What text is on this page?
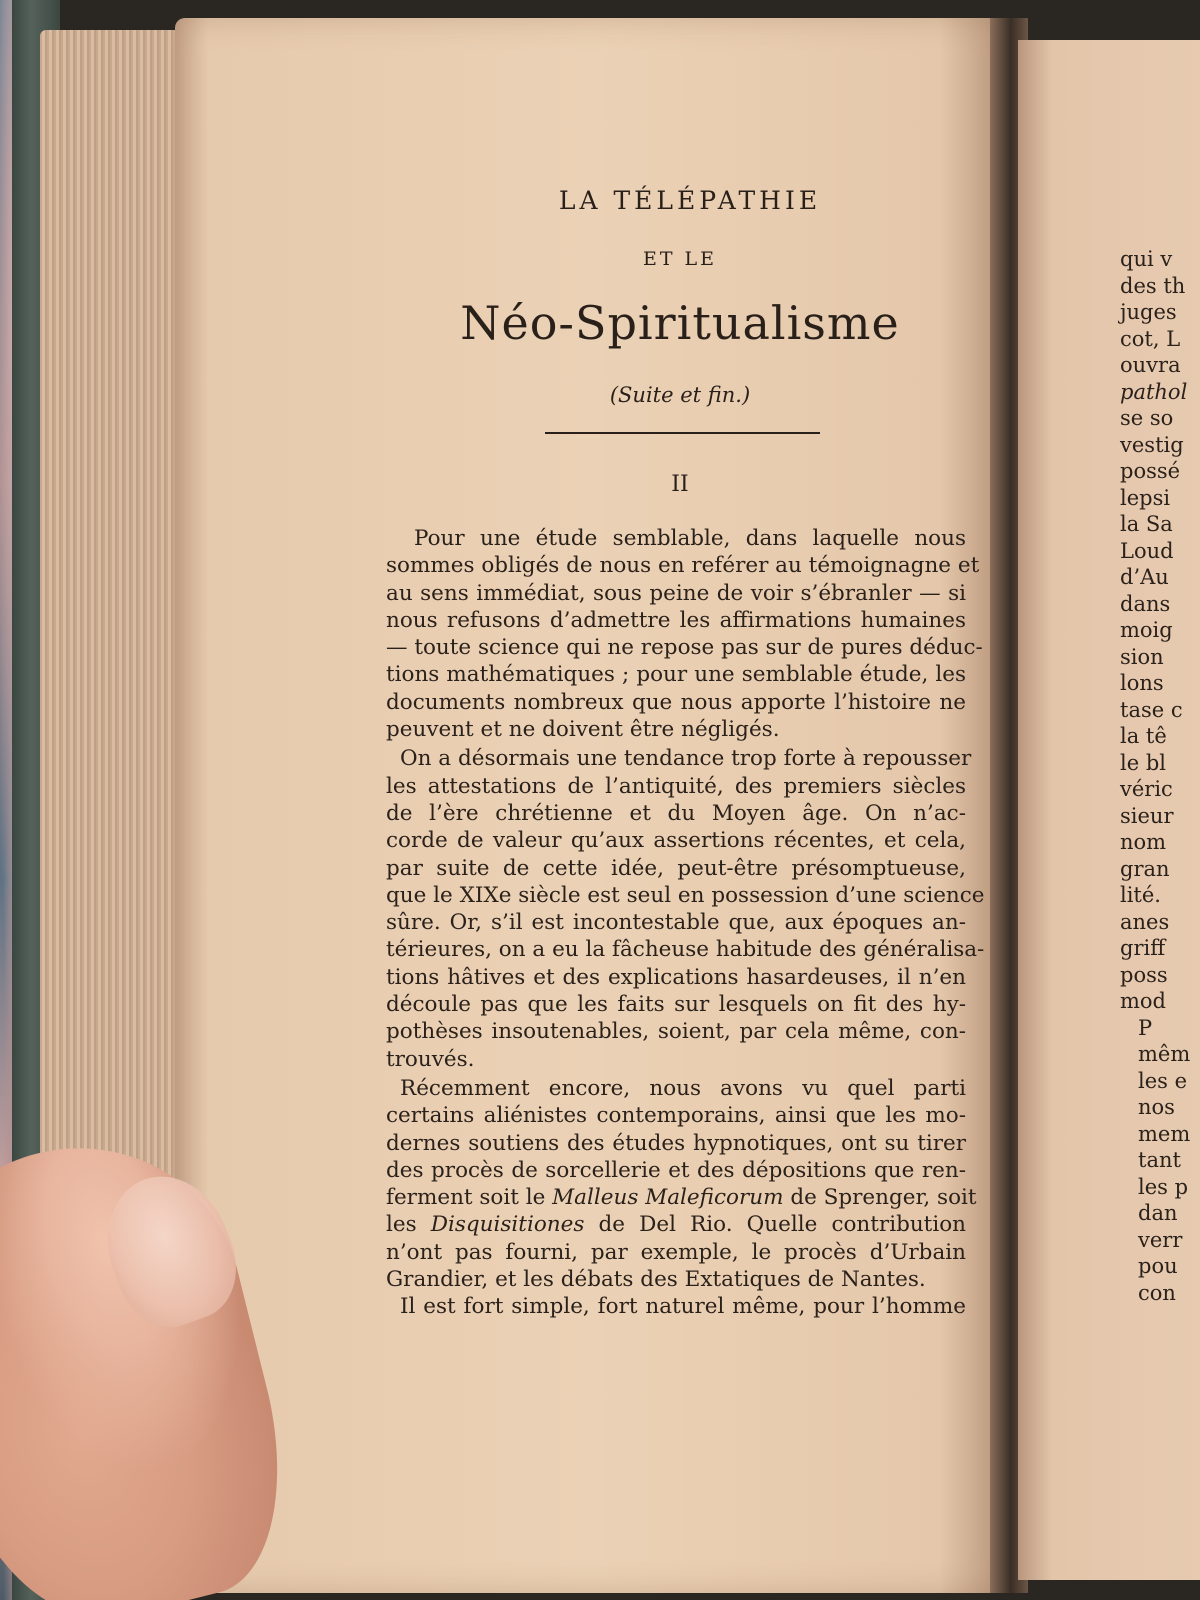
qui v
des th
juges
cot, L
ouvra
pathol
se so
vestig
possé
lepsi
la Sa
Loud
d’Au
dans
moig
sion
lons
tase c
la tê
le bl
véric
sieur
nom
gran
lité.
anes
griff
poss
mod
P
mêm
les e
nos
mem
tant
les p
dan
verr
pou
con
LA TÉLÉPATHIE
ET LE
Néo-Spiritualisme
(Suite et fin.)
II
Pour une étude semblable, dans laquelle nous
sommes obligés de nous en reférer au témoignagne et
au sens immédiat, sous peine de voir s’ébranler — si
nous refusons d’admettre les affirmations humaines
— toute science qui ne repose pas sur de pures déduc-
tions mathématiques ; pour une semblable étude, les
documents nombreux que nous apporte l’histoire ne
peuvent et ne doivent être négligés.
On a désormais une tendance trop forte à repousser
les attestations de l’antiquité, des premiers siècles
de l’ère chrétienne et du Moyen âge. On n’ac-
corde de valeur qu’aux assertions récentes, et cela,
par suite de cette idée, peut-être présomptueuse,
que le XIXe siècle est seul en possession d’une science
sûre. Or, s’il est incontestable que, aux époques an-
térieures, on a eu la fâcheuse habitude des généralisa-
tions hâtives et des explications hasardeuses, il n’en
découle pas que les faits sur lesquels on fit des hy-
pothèses insoutenables, soient, par cela même, con-
trouvés.
Récemment encore, nous avons vu quel parti
certains aliénistes contemporains, ainsi que les mo-
dernes soutiens des études hypnotiques, ont su tirer
des procès de sorcellerie et des dépositions que ren-
ferment soit le Malleus Maleficorum de Sprenger, soit
les Disquisitiones de Del Rio. Quelle contribution
n’ont pas fourni, par exemple, le procès d’Urbain
Grandier, et les débats des Extatiques de Nantes.
Il est fort simple, fort naturel même, pour l’homme
